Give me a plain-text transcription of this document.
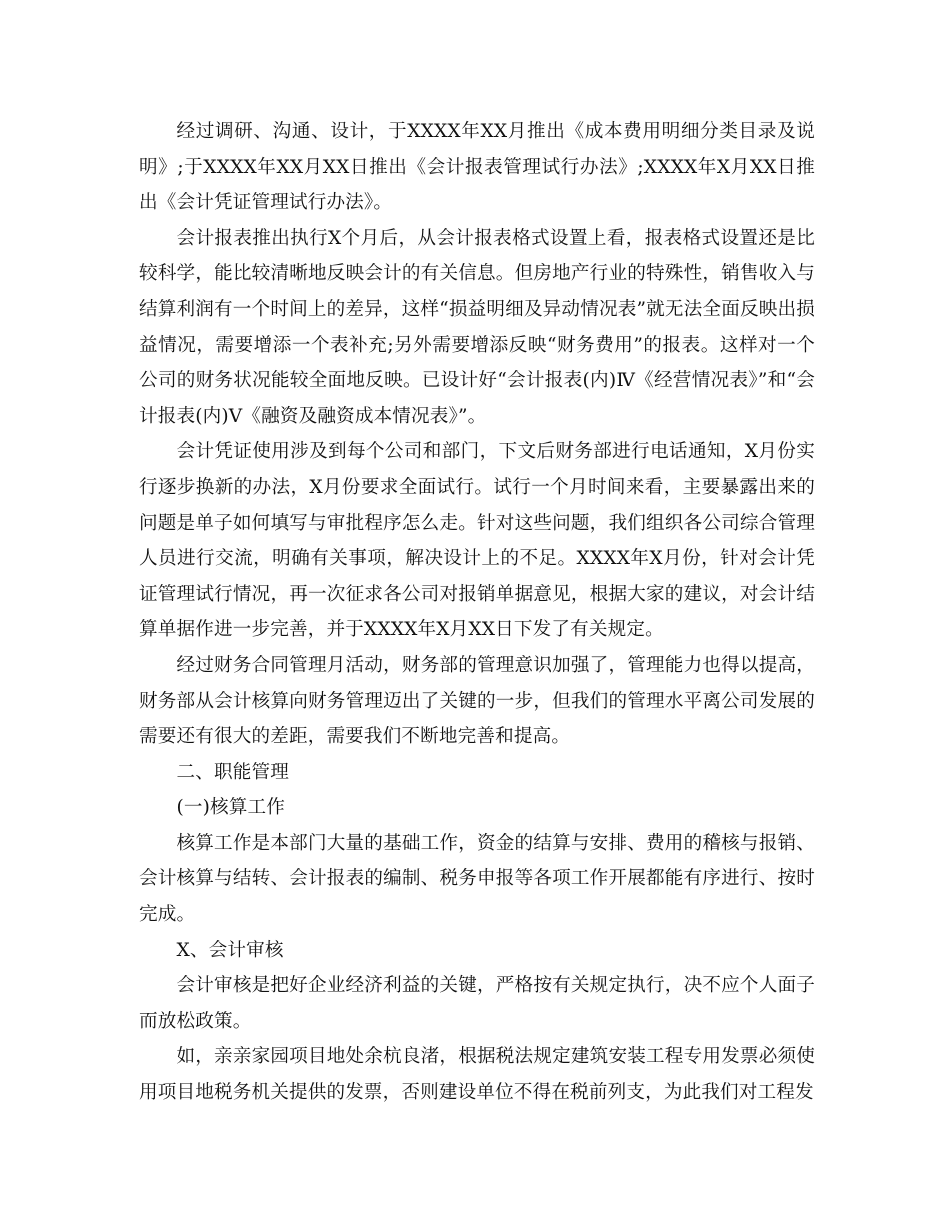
经过调研、沟通、设计，于XXXX年XX月推出《成本费用明细分类目录及说明》;于XXXX年XX月XX日推出《会计报表管理试行办法》;XXXX年X月XX日推出《会计凭证管理试行办法》。

会计报表推出执行X个月后，从会计报表格式设置上看，报表格式设置还是比较科学，能比较清晰地反映会计的有关信息。但房地产行业的特殊性，销售收入与结算利润有一个时间上的差异，这样“损益明细及异动情况表”就无法全面反映出损益情况，需要增添一个表补充;另外需要增添反映“财务费用”的报表。这样对一个公司的财务状况能较全面地反映。已设计好“会计报表(内)Ⅳ《经营情况表》”和“会计报表(内)Ⅴ《融资及融资成本情况表》”。

会计凭证使用涉及到每个公司和部门，下文后财务部进行电话通知，X月份实行逐步换新的办法，X月份要求全面试行。试行一个月时间来看，主要暴露出来的问题是单子如何填写与审批程序怎么走。针对这些问题，我们组织各公司综合管理人员进行交流，明确有关事项，解决设计上的不足。XXXX年X月份，针对会计凭证管理试行情况，再一次征求各公司对报销单据意见，根据大家的建议，对会计结算单据作进一步完善，并于XXXX年X月XX日下发了有关规定。

经过财务合同管理月活动，财务部的管理意识加强了，管理能力也得以提高，财务部从会计核算向财务管理迈出了关键的一步，但我们的管理水平离公司发展的需要还有很大的差距，需要我们不断地完善和提高。

二、职能管理

(一)核算工作

核算工作是本部门大量的基础工作，资金的结算与安排、费用的稽核与报销、会计核算与结转、会计报表的编制、税务申报等各项工作开展都能有序进行、按时完成。

X、会计审核

会计审核是把好企业经济利益的关键，严格按有关规定执行，决不应个人面子而放松政策。

如，亲亲家园项目地处余杭良渚，根据税法规定建筑安装工程专用发票必须使用项目地税务机关提供的发票，否则建设单位不得在税前列支，为此我们对工程发
